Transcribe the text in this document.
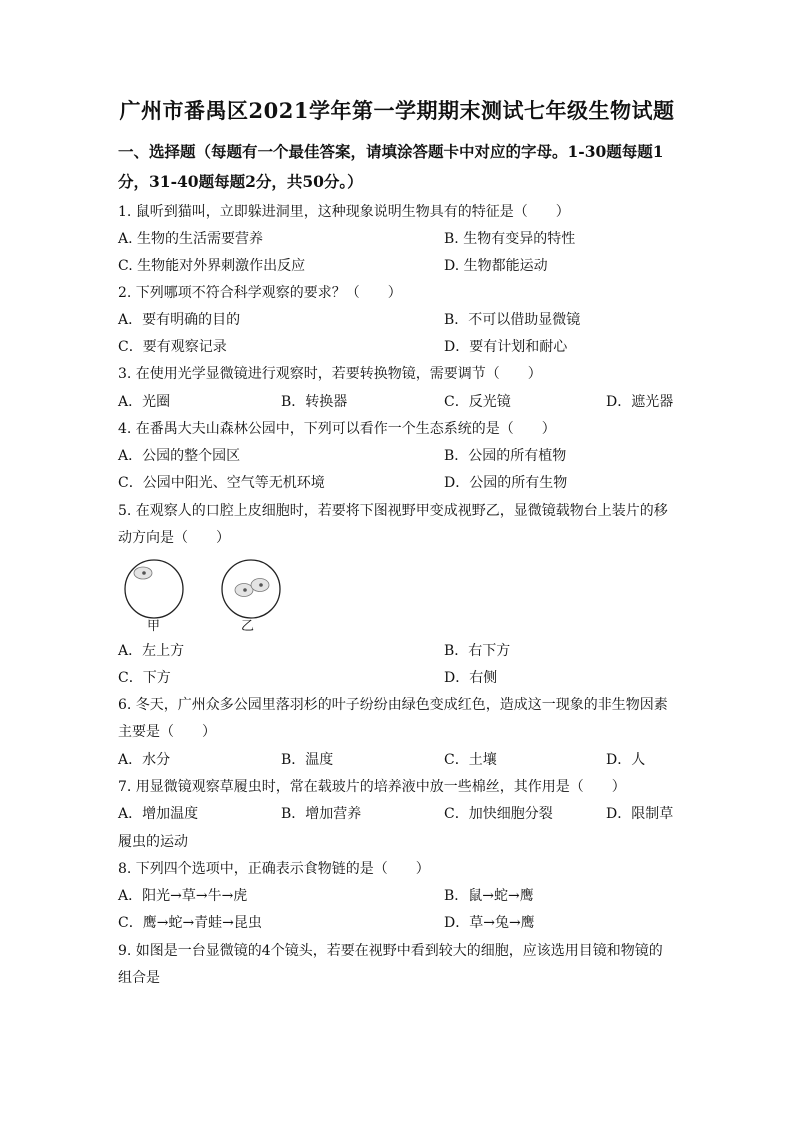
广州市番禺区2021学年第一学期期末测试七年级生物试题
一、选择题（每题有一个最佳答案，请填涂答题卡中对应的字母。1-30题每题1
分，31-40题每题2分，共50分。）
1. 鼠听到猫叫，立即躲进洞里，这种现象说明生物具有的特征是（　　）
A. 生物的生活需要营养	B. 生物有变异的特性
C. 生物能对外界刺激作出反应	D. 生物都能运动
2. 下列哪项不符合科学观察的要求？（　　）
A．要有明确的目的	B．不可以借助显微镜
C．要有观察记录	D．要有计划和耐心
3. 在使用光学显微镜进行观察时，若要转换物镜，需要调节（　　）
A．光圈	B．转换器	C．反光镜	D．遮光器
4. 在番禺大夫山森林公园中，下列可以看作一个生态系统的是（　　）
A．公园的整个园区	B．公园的所有植物
C．公园中阳光、空气等无机环境	D．公园的所有生物
5. 在观察人的口腔上皮细胞时，若要将下图视野甲变成视野乙，显微镜载物台上装片的移
动方向是（　　）
甲	乙
A．左上方	B．右下方
C．下方	D．右侧
6. 冬天，广州众多公园里落羽杉的叶子纷纷由绿色变成红色，造成这一现象的非生物因素
主要是（　　）
A．水分	B．温度	C．土壤	D．人
7. 用显微镜观察草履虫时，常在载玻片的培养液中放一些棉丝，其作用是（　　）
A．增加温度	B．增加营养	C．加快细胞分裂	D．限制草
履虫的运动
8. 下列四个选项中，正确表示食物链的是（　　）
A．阳光→草→牛→虎	B．鼠→蛇→鹰
C．鹰→蛇→青蛙→昆虫	D．草→兔→鹰
9. 如图是一台显微镜的4个镜头，若要在视野中看到较大的细胞，应该选用目镜和物镜的
组合是
